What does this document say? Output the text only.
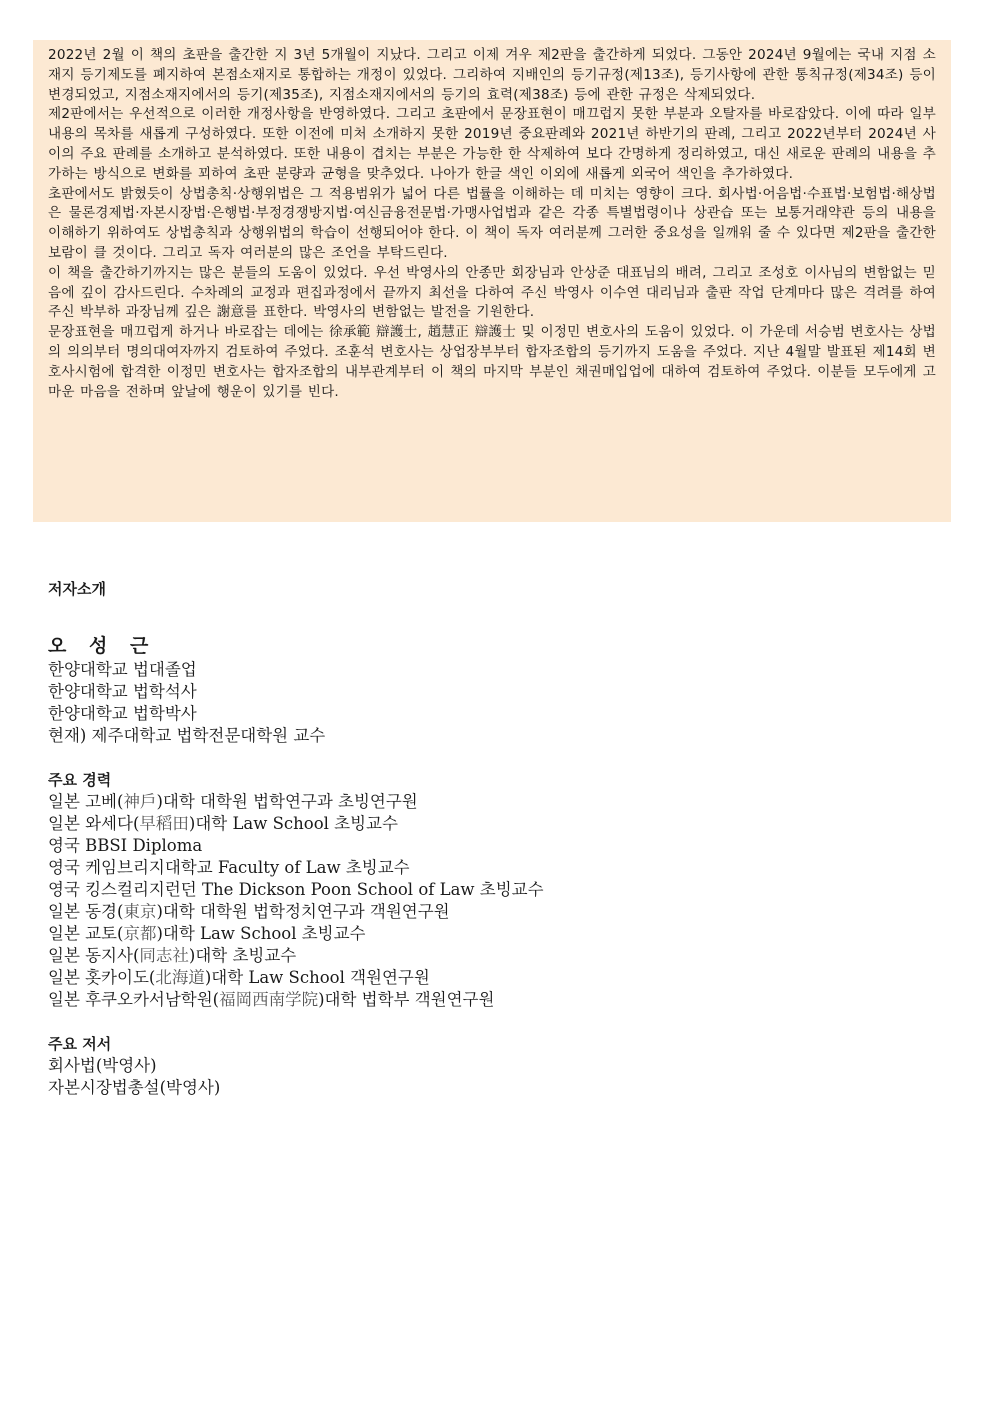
2022년 2월 이 책의 초판을 출간한 지 3년 5개월이 지났다. 그리고 이제 겨우 제2판을 출간하게 되었다. 그동안 2024년 9월에는 국내 지점 소재지 등기제도를 폐지하여 본점소재지로 통합하는 개정이 있었다. 그리하여 지배인의 등기규정(제13조), 등기사항에 관한 통칙규정(제34조) 등이 변경되었고, 지점소재지에서의 등기(제35조), 지점소재지에서의 등기의 효력(제38조) 등에 관한 규정은 삭제되었다.

제2판에서는 우선적으로 이러한 개정사항을 반영하였다. 그리고 초판에서 문장표현이 매끄럽지 못한 부분과 오탈자를 바로잡았다. 이에 따라 일부 내용의 목차를 새롭게 구성하였다. 또한 이전에 미처 소개하지 못한 2019년 중요판례와 2021년 하반기의 판례, 그리고 2022년부터 2024년 사이의 주요 판례를 소개하고 분석하였다. 또한 내용이 겹치는 부분은 가능한 한 삭제하여 보다 간명하게 정리하였고, 대신 새로운 판례의 내용을 추가하는 방식으로 변화를 꾀하여 초판 분량과 균형을 맞추었다. 나아가 한글 색인 이외에 새롭게 외국어 색인을 추가하였다.

초판에서도 밝혔듯이 상법총칙·상행위법은 그 적용범위가 넓어 다른 법률을 이해하는 데 미치는 영향이 크다. 회사법·어음법·수표법·보험법·해상법은 물론경제법·자본시장법·은행법·부정경쟁방지법·여신금융전문법·가맹사업법과 같은 각종 특별법령이나 상관습 또는 보통거래약관 등의 내용을 이해하기 위하여도 상법총칙과 상행위법의 학습이 선행되어야 한다. 이 책이 독자 여러분께 그러한 중요성을 일깨워 줄 수 있다면 제2판을 출간한 보람이 클 것이다. 그리고 독자 여러분의 많은 조언을 부탁드린다.

이 책을 출간하기까지는 많은 분들의 도움이 있었다. 우선 박영사의 안종만 회장님과 안상준 대표님의 배려, 그리고 조성호 이사님의 변함없는 믿음에 깊이 감사드린다. 수차례의 교정과 편집과정에서 끝까지 최선을 다하여 주신 박영사 이수연 대리님과 출판 작업 단계마다 많은 격려를 하여 주신 박부하 과장님께 깊은 謝意를 표한다. 박영사의 변함없는 발전을 기원한다.

문장표현을 매끄럽게 하거나 바로잡는 데에는 徐承範 辯護士, 趙慧正 辯護士 및 이정민 변호사의 도움이 있었다. 이 가운데 서승범 변호사는 상법의 의의부터 명의대여자까지 검토하여 주었다. 조훈석 변호사는 상업장부부터 합자조합의 등기까지 도움을 주었다. 지난 4월말 발표된 제14회 변호사시험에 합격한 이정민 변호사는 합자조합의 내부관계부터 이 책의 마지막 부분인 채권매입업에 대하여 검토하여 주었다. 이분들 모두에게 고마운 마음을 전하며 앞날에 행운이 있기를 빈다.

저자소개
오 성 근

한양대학교 법대졸업

한양대학교 법학석사

한양대학교 법학박사

현재) 제주대학교 법학전문대학원 교수

주요 경력

일본 고베(神戶)대학 대학원 법학연구과 초빙연구원

일본 와세다(早稻田)대학 Law School 초빙교수

영국 BBSI Diploma

영국 케임브리지대학교 Faculty of Law 초빙교수

영국 킹스컬리지런던 The Dickson Poon School of Law 초빙교수

일본 동경(東京)대학 대학원 법학정치연구과 객원연구원

일본 교토(京都)대학 Law School 초빙교수

일본 동지사(同志社)대학 초빙교수

일본 홋카이도(北海道)대학 Law School 객원연구원

일본 후쿠오카서남학원(福岡西南学院)대학 법학부 객원연구원

주요 저서

회사법(박영사)

자본시장법총설(박영사)
